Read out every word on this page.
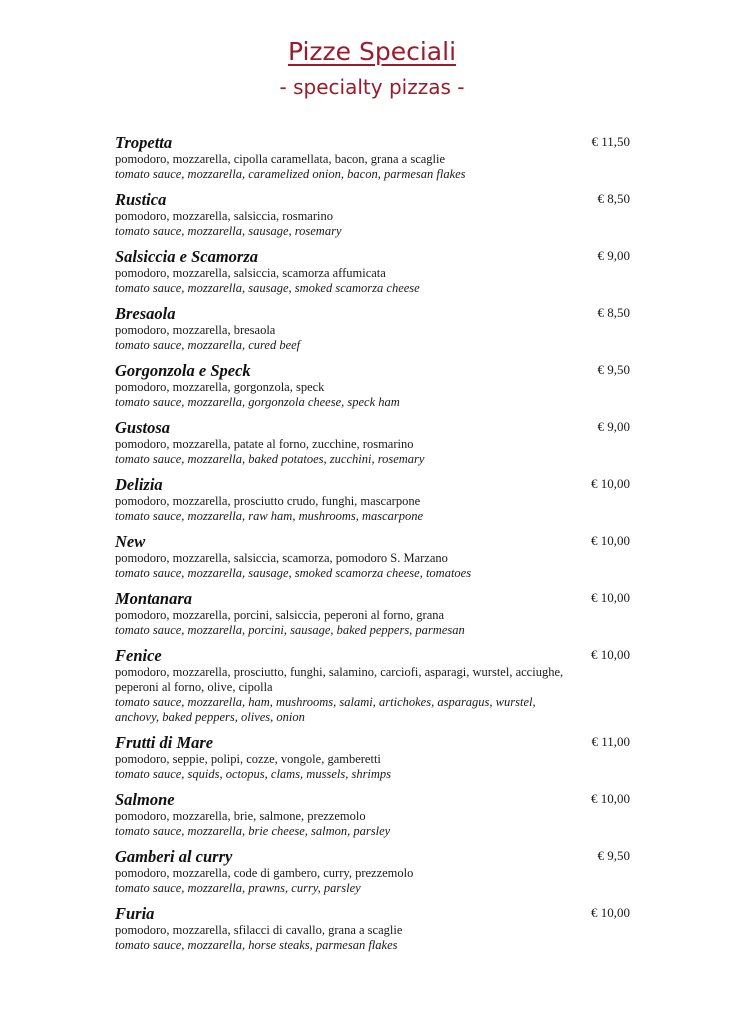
Pizze Speciali
- specialty pizzas -
Tropetta	€ 11,50
pomodoro, mozzarella, cipolla caramellata, bacon, grana a scaglie
tomato sauce, mozzarella, caramelized onion, bacon, parmesan flakes
Rustica	€ 8,50
pomodoro, mozzarella, salsiccia, rosmarino
tomato sauce, mozzarella, sausage, rosemary
Salsiccia e Scamorza	€ 9,00
pomodoro, mozzarella, salsiccia, scamorza affumicata
tomato sauce, mozzarella, sausage, smoked scamorza cheese
Bresaola	€ 8,50
pomodoro, mozzarella, bresaola
tomato sauce, mozzarella, cured beef
Gorgonzola e Speck	€ 9,50
pomodoro, mozzarella, gorgonzola, speck
tomato sauce, mozzarella, gorgonzola cheese, speck ham
Gustosa	€ 9,00
pomodoro, mozzarella, patate al forno, zucchine, rosmarino
tomato sauce, mozzarella, baked potatoes, zucchini, rosemary
Delizia	€ 10,00
pomodoro, mozzarella, prosciutto crudo, funghi, mascarpone
tomato sauce, mozzarella, raw ham, mushrooms, mascarpone
New	€ 10,00
pomodoro, mozzarella, salsiccia, scamorza, pomodoro S. Marzano
tomato sauce, mozzarella, sausage, smoked scamorza cheese, tomatoes
Montanara	€ 10,00
pomodoro, mozzarella, porcini, salsiccia, peperoni al forno, grana
tomato sauce, mozzarella, porcini, sausage, baked peppers, parmesan
Fenice	€ 10,00
pomodoro, mozzarella, prosciutto, funghi, salamino, carciofi, asparagi, wurstel, acciughe, peperoni al forno, olive, cipolla
tomato sauce, mozzarella, ham, mushrooms, salami, artichokes, asparagus, wurstel, anchovy, baked peppers, olives, onion
Frutti di Mare	€ 11,00
pomodoro, seppie, polipi, cozze, vongole, gamberetti
tomato sauce, squids, octopus, clams, mussels, shrimps
Salmone	€ 10,00
pomodoro, mozzarella, brie, salmone, prezzemolo
tomato sauce, mozzarella, brie cheese, salmon, parsley
Gamberi al curry	€ 9,50
pomodoro, mozzarella, code di gambero, curry, prezzemolo
tomato sauce, mozzarella, prawns, curry, parsley
Furia	€ 10,00
pomodoro, mozzarella, sfilacci di cavallo, grana a scaglie
tomato sauce, mozzarella, horse steaks, parmesan flakes
